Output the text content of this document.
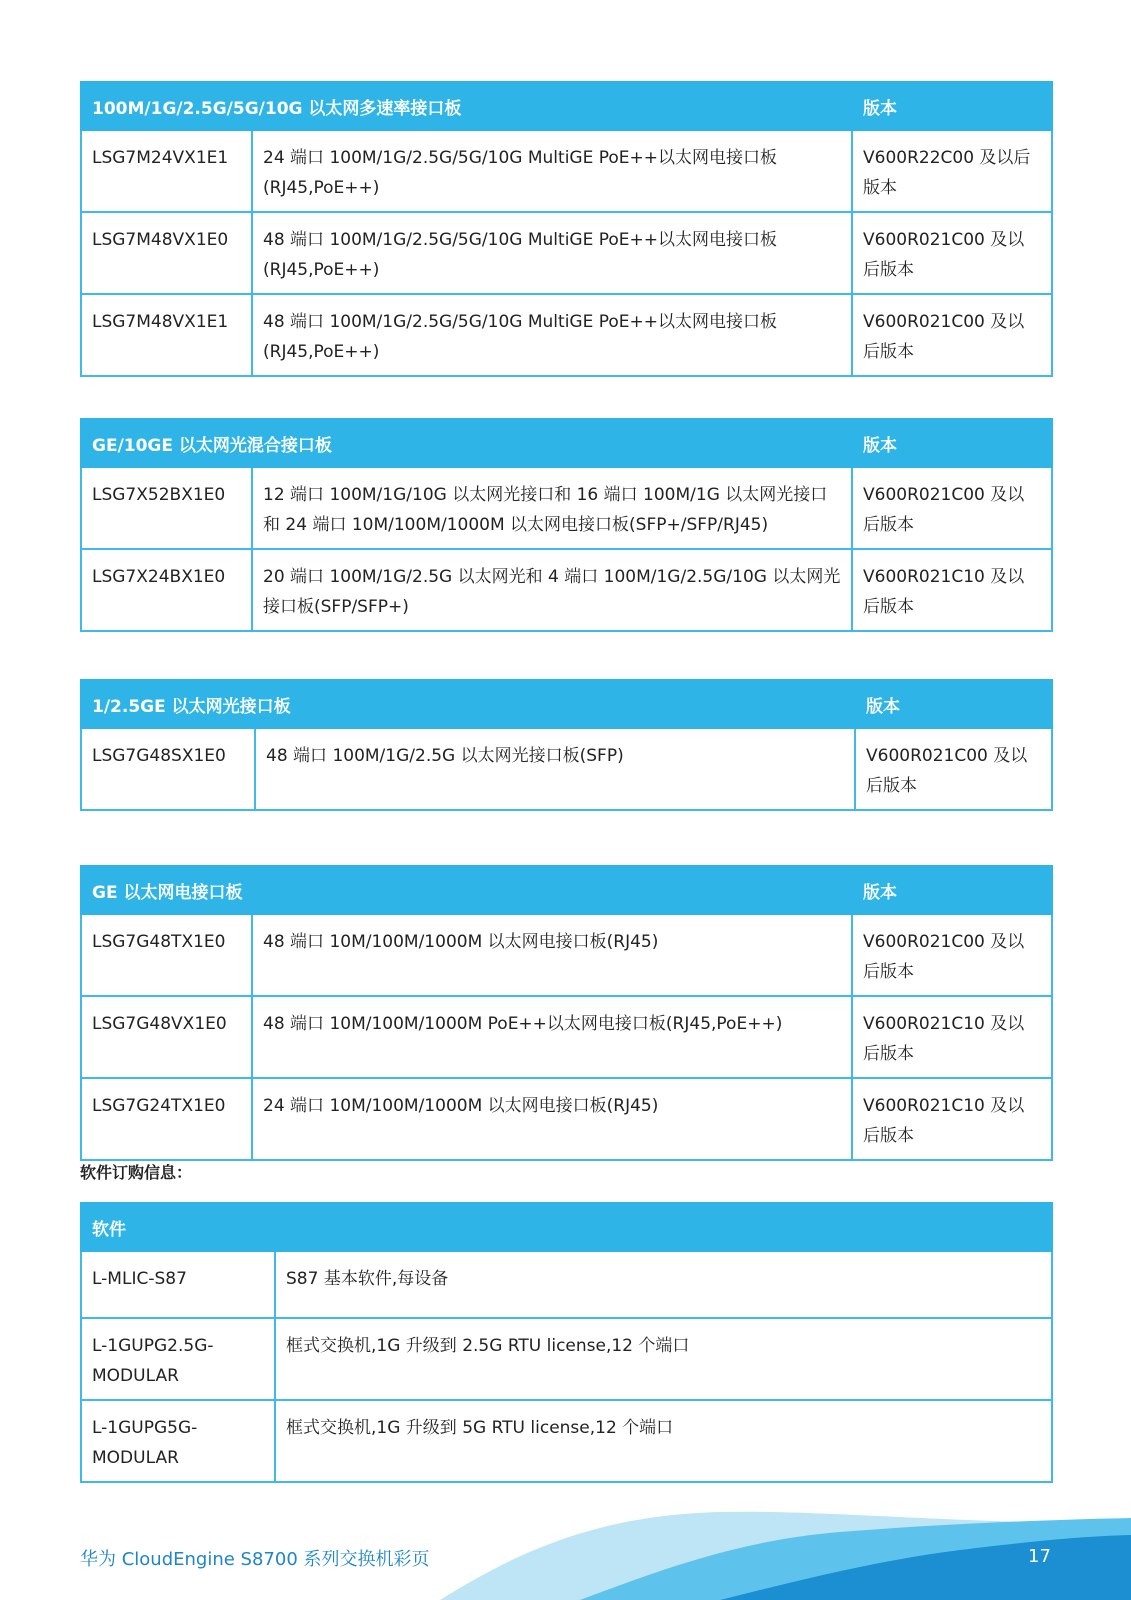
100M/1G/2.5G/5G/10G 以太网多速率接口板		版本
LSG7M24VX1E1	24 端口 100M/1G/2.5G/5G/10G MultiGE PoE++以太网电接口板(RJ45,PoE++)	V600R22C00 及以后版本
LSG7M48VX1E0	48 端口 100M/1G/2.5G/5G/10G MultiGE PoE++以太网电接口板(RJ45,PoE++)	V600R021C00 及以后版本
LSG7M48VX1E1	48 端口 100M/1G/2.5G/5G/10G MultiGE PoE++以太网电接口板(RJ45,PoE++)	V600R021C00 及以后版本
GE/10GE 以太网光混合接口板		版本
LSG7X52BX1E0	12 端口 100M/1G/10G 以太网光接口和 16 端口 100M/1G 以太网光接口和 24 端口 10M/100M/1000M 以太网电接口板(SFP+/SFP/RJ45)	V600R021C00 及以后版本
LSG7X24BX1E0	20 端口 100M/1G/2.5G 以太网光和 4 端口 100M/1G/2.5G/10G 以太网光接口板(SFP/SFP+)	V600R021C10 及以后版本
1/2.5GE 以太网光接口板		版本
LSG7G48SX1E0	48 端口 100M/1G/2.5G 以太网光接口板(SFP)	V600R021C00 及以后版本
GE 以太网电接口板		版本
LSG7G48TX1E0	48 端口 10M/100M/1000M 以太网电接口板(RJ45)	V600R021C00 及以后版本
LSG7G48VX1E0	48 端口 10M/100M/1000M PoE++以太网电接口板(RJ45,PoE++)	V600R021C10 及以后版本
LSG7G24TX1E0	24 端口 10M/100M/1000M 以太网电接口板(RJ45)	V600R021C10 及以后版本
软件订购信息：
软件	
L-MLIC-S87	S87 基本软件,每设备
L-1GUPG2.5G-MODULAR	框式交换机,1G 升级到 2.5G RTU license,12 个端口
L-1GUPG5G-MODULAR	框式交换机,1G 升级到 5G RTU license,12 个端口
华为 CloudEngine S8700 系列交换机彩页	17
